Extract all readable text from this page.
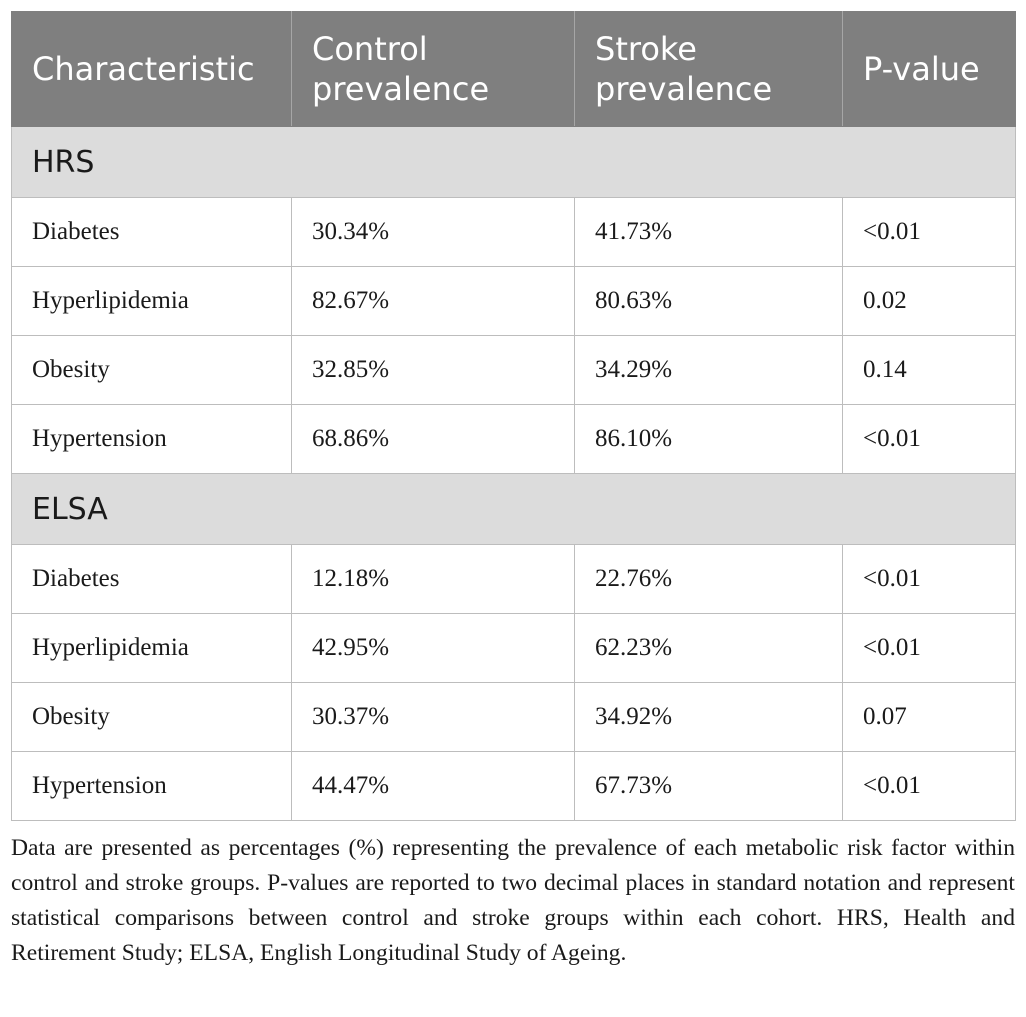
Characteristic	Control prevalence	Stroke prevalence	P-value
HRS			
Diabetes	30.34%	41.73%	<0.01
Hyperlipidemia	82.67%	80.63%	0.02
Obesity	32.85%	34.29%	0.14
Hypertension	68.86%	86.10%	<0.01
ELSA			
Diabetes	12.18%	22.76%	<0.01
Hyperlipidemia	42.95%	62.23%	<0.01
Obesity	30.37%	34.92%	0.07
Hypertension	44.47%	67.73%	<0.01

Data are presented as percentages (%) representing the prevalence of each metabolic risk factor within control and stroke groups. P-values are reported to two decimal places in standard notation and represent statistical comparisons between control and stroke groups within each cohort. HRS, Health and Retirement Study; ELSA, English Longitudinal Study of Ageing.
